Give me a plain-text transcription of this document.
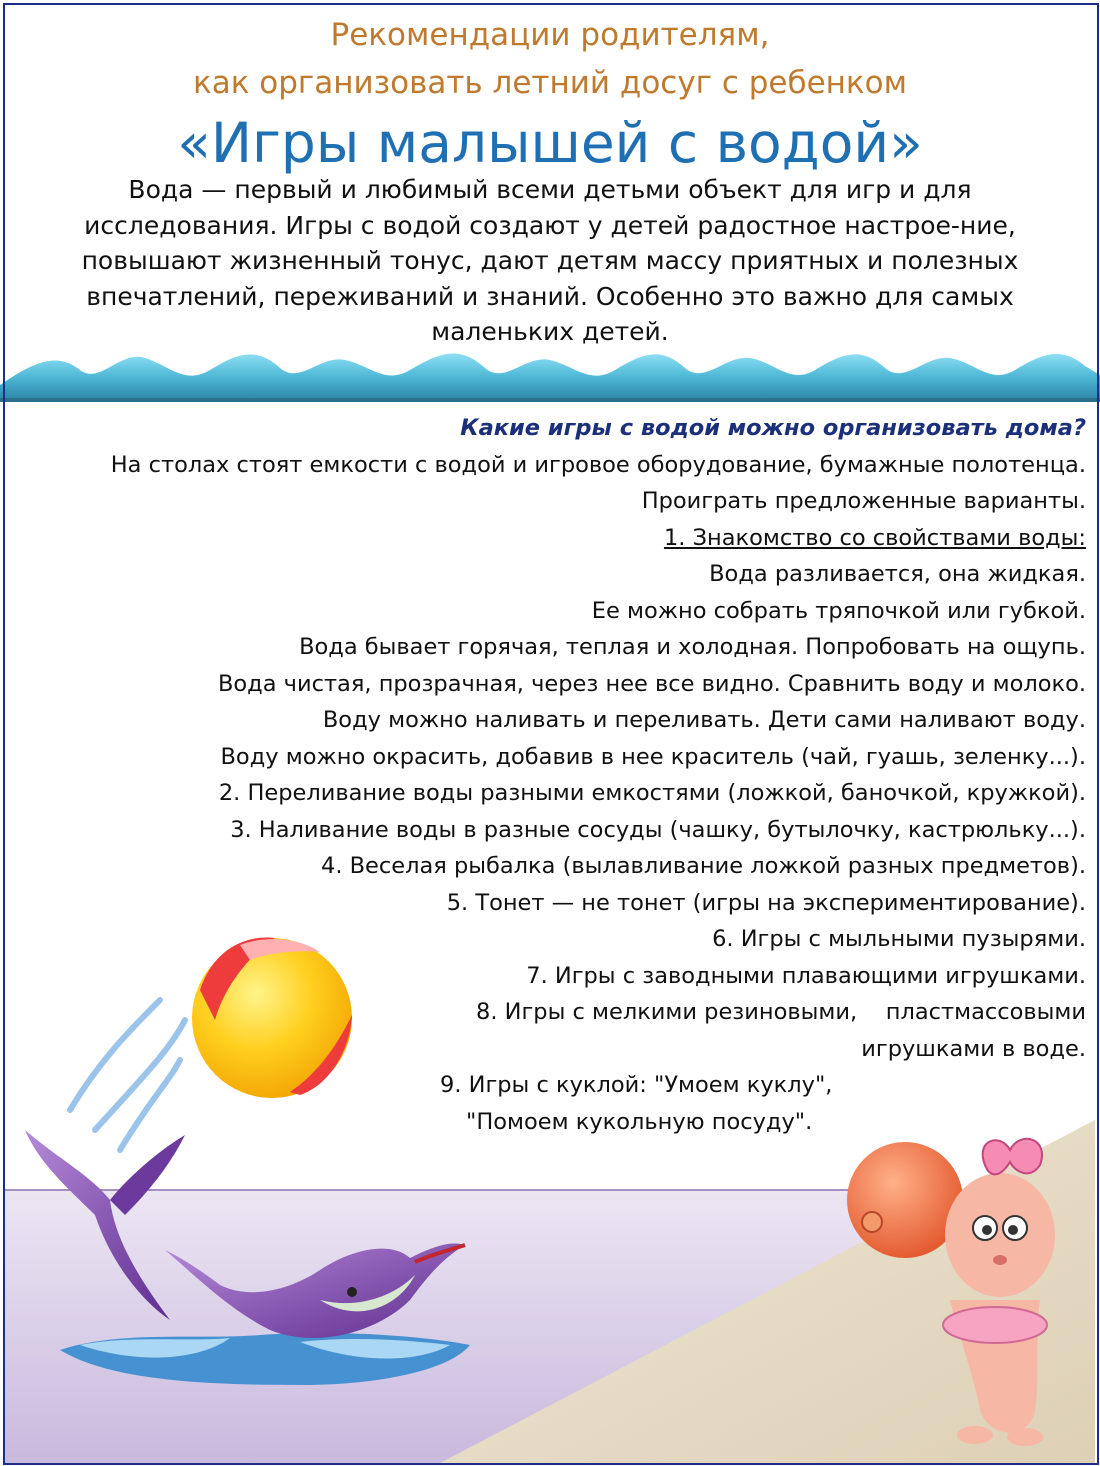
Рекомендации родителям,
как организовать летний досуг с ребенком
«Игры малышей с водой»
Вода — первый и любимый всеми детьми объект для игр и для
исследования. Игры с водой создают у детей радостное настрое-ние,
повышают жизненный тонус, дают детям массу приятных и полезных
впечатлений, переживаний и знаний. Особенно это важно для самых
маленьких детей.
Какие игры с водой можно организовать дома?
На столах стоят емкости с водой и игровое оборудование, бумажные полотенца.
Проиграть предложенные варианты.
1. Знакомство со свойствами воды:
Вода разливается, она жидкая.
Ее можно собрать тряпочкой или губкой.
Вода бывает горячая, теплая и холодная. Попробовать на ощупь.
Вода чистая, прозрачная, через нее все видно. Сравнить воду и молоко.
Воду можно наливать и переливать. Дети сами наливают воду.
Воду можно окрасить, добавив в нее краситель (чай, гуашь, зеленку...).
2. Переливание воды разными емкостями (ложкой, баночкой, кружкой).
3. Наливание воды в разные сосуды (чашку, бутылочку, кастрюльку...).
4. Веселая рыбалка (вылавливание ложкой разных предметов).
5. Тонет — не тонет (игры на экспериментирование).
6. Игры с мыльными пузырями.
7. Игры с заводными плавающими игрушками.
8. Игры с мелкими резиновыми,    пластмассовыми
игрушками в воде.
9. Игры с куклой: "Умоем куклу",
"Помоем кукольную посуду".
